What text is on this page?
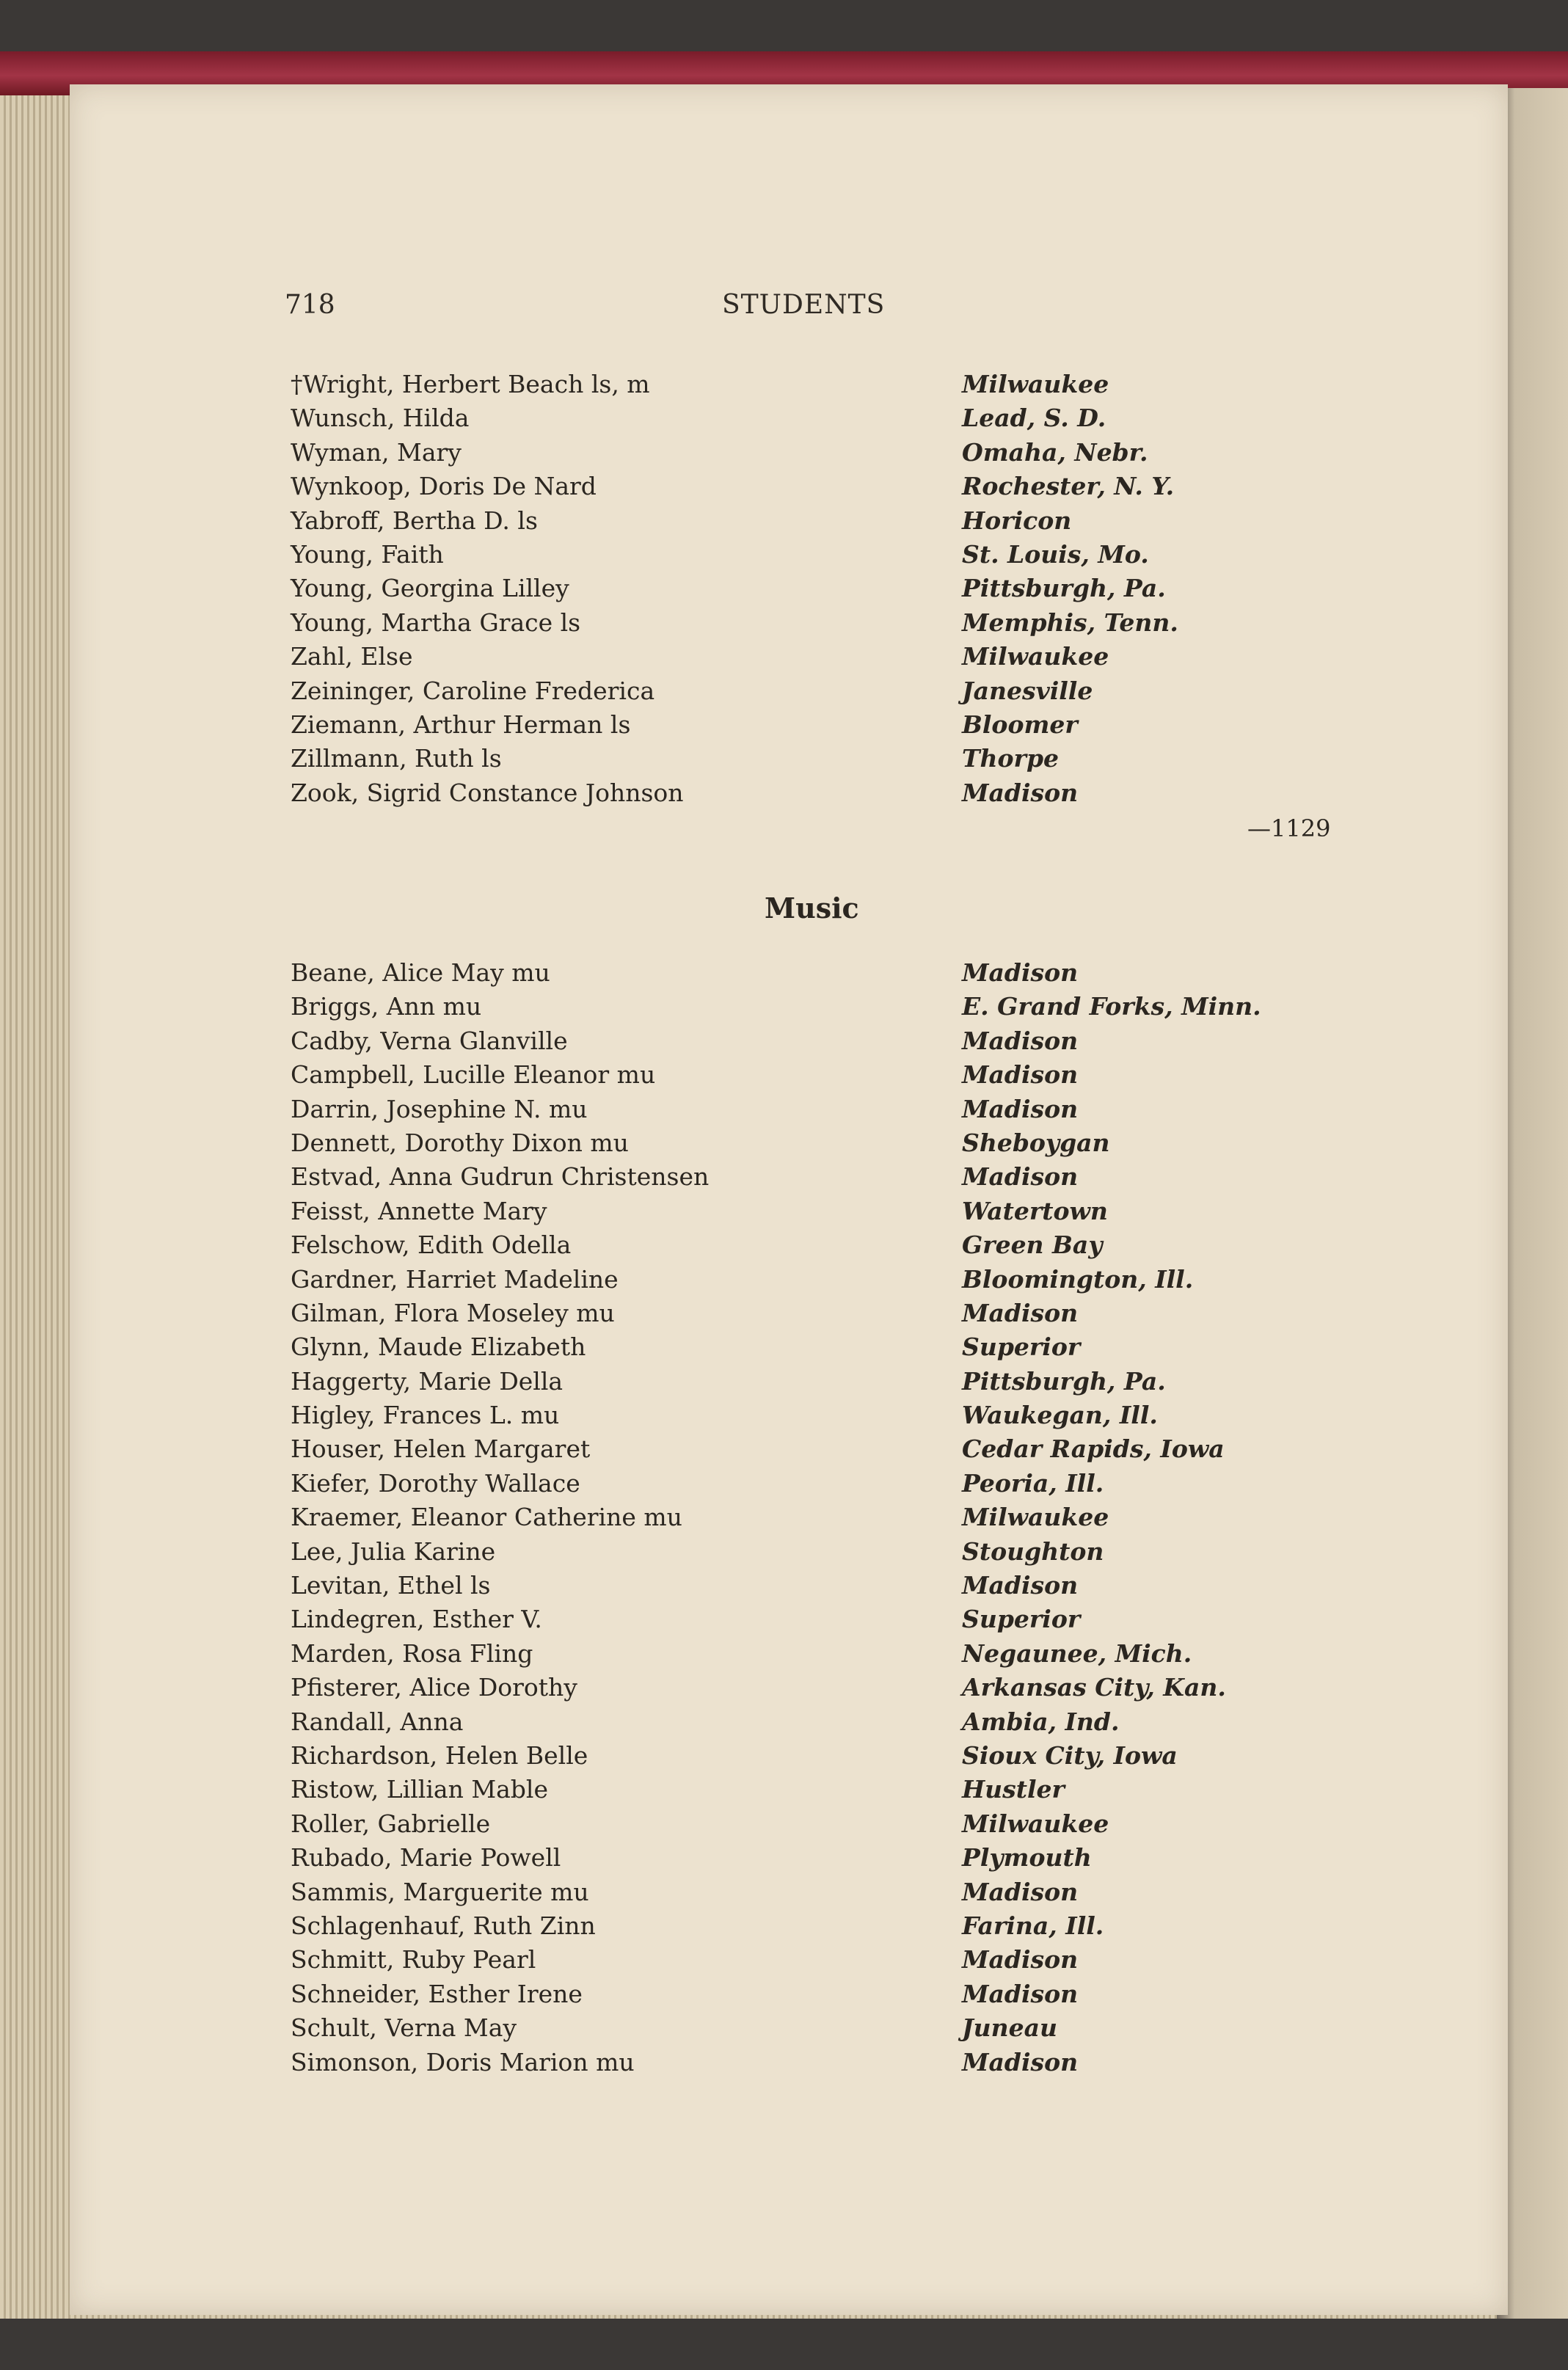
718	STUDENTS
†Wright, Herbert Beach ls, m	Milwaukee
Wunsch, Hilda	Lead, S. D.
Wyman, Mary	Omaha, Nebr.
Wynkoop, Doris De Nard	Rochester, N. Y.
Yabroff, Bertha D. ls	Horicon
Young, Faith	St. Louis, Mo.
Young, Georgina Lilley	Pittsburgh, Pa.
Young, Martha Grace ls	Memphis, Tenn.
Zahl, Else	Milwaukee
Zeininger, Caroline Frederica	Janesville
Ziemann, Arthur Herman ls	Bloomer
Zillmann, Ruth ls	Thorpe
Zook, Sigrid Constance Johnson	Madison
—1129
Music
Beane, Alice May mu	Madison
Briggs, Ann mu	E. Grand Forks, Minn.
Cadby, Verna Glanville	Madison
Campbell, Lucille Eleanor mu	Madison
Darrin, Josephine N. mu	Madison
Dennett, Dorothy Dixon mu	Sheboygan
Estvad, Anna Gudrun Christensen	Madison
Feisst, Annette Mary	Watertown
Felschow, Edith Odella	Green Bay
Gardner, Harriet Madeline	Bloomington, Ill.
Gilman, Flora Moseley mu	Madison
Glynn, Maude Elizabeth	Superior
Haggerty, Marie Della	Pittsburgh, Pa.
Higley, Frances L. mu	Waukegan, Ill.
Houser, Helen Margaret	Cedar Rapids, Iowa
Kiefer, Dorothy Wallace	Peoria, Ill.
Kraemer, Eleanor Catherine mu	Milwaukee
Lee, Julia Karine	Stoughton
Levitan, Ethel ls	Madison
Lindegren, Esther V.	Superior
Marden, Rosa Fling	Negaunee, Mich.
Pfisterer, Alice Dorothy	Arkansas City, Kan.
Randall, Anna	Ambia, Ind.
Richardson, Helen Belle	Sioux City, Iowa
Ristow, Lillian Mable	Hustler
Roller, Gabrielle	Milwaukee
Rubado, Marie Powell	Plymouth
Sammis, Marguerite mu	Madison
Schlagenhauf, Ruth Zinn	Farina, Ill.
Schmitt, Ruby Pearl	Madison
Schneider, Esther Irene	Madison
Schult, Verna May	Juneau
Simonson, Doris Marion mu	Madison
